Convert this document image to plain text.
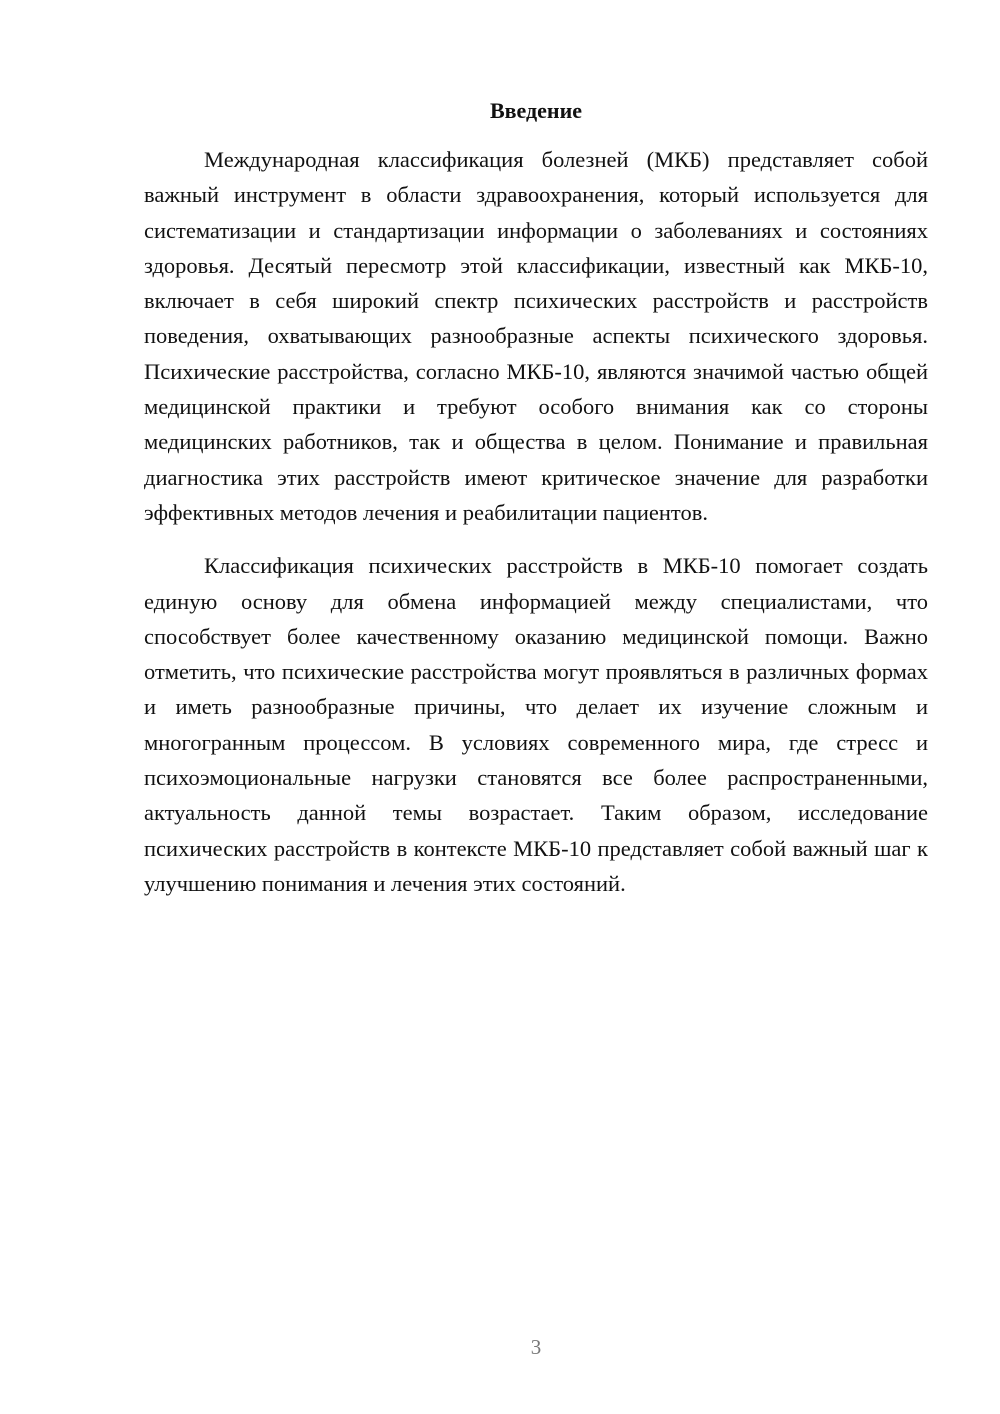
Введение

Международная классификация болезней (МКБ) представляет собой важный инструмент в области здравоохранения, который используется для систематизации и стандартизации информации о заболеваниях и состояниях здоровья. Десятый пересмотр этой классификации, известный как МКБ-10, включает в себя широкий спектр психических расстройств и расстройств поведения, охватывающих разнообразные аспекты психического здоровья. Психические расстройства, согласно МКБ-10, являются значимой частью общей медицинской практики и требуют особого внимания как со стороны медицинских работников, так и общества в целом. Понимание и правильная диагностика этих расстройств имеют критическое значение для разработки эффективных методов лечения и реабилитации пациентов.

Классификация психических расстройств в МКБ-10 помогает создать единую основу для обмена информацией между специалистами, что способствует более качественному оказанию медицинской помощи. Важно отметить, что психические расстройства могут проявляться в различных формах и иметь разнообразные причины, что делает их изучение сложным и многогранным процессом. В условиях современного мира, где стресс и психоэмоциональные нагрузки становятся все более распространенными, актуальность данной темы возрастает. Таким образом, исследование психических расстройств в контексте МКБ-10 представляет собой важный шаг к улучшению понимания и лечения этих состояний.

3
